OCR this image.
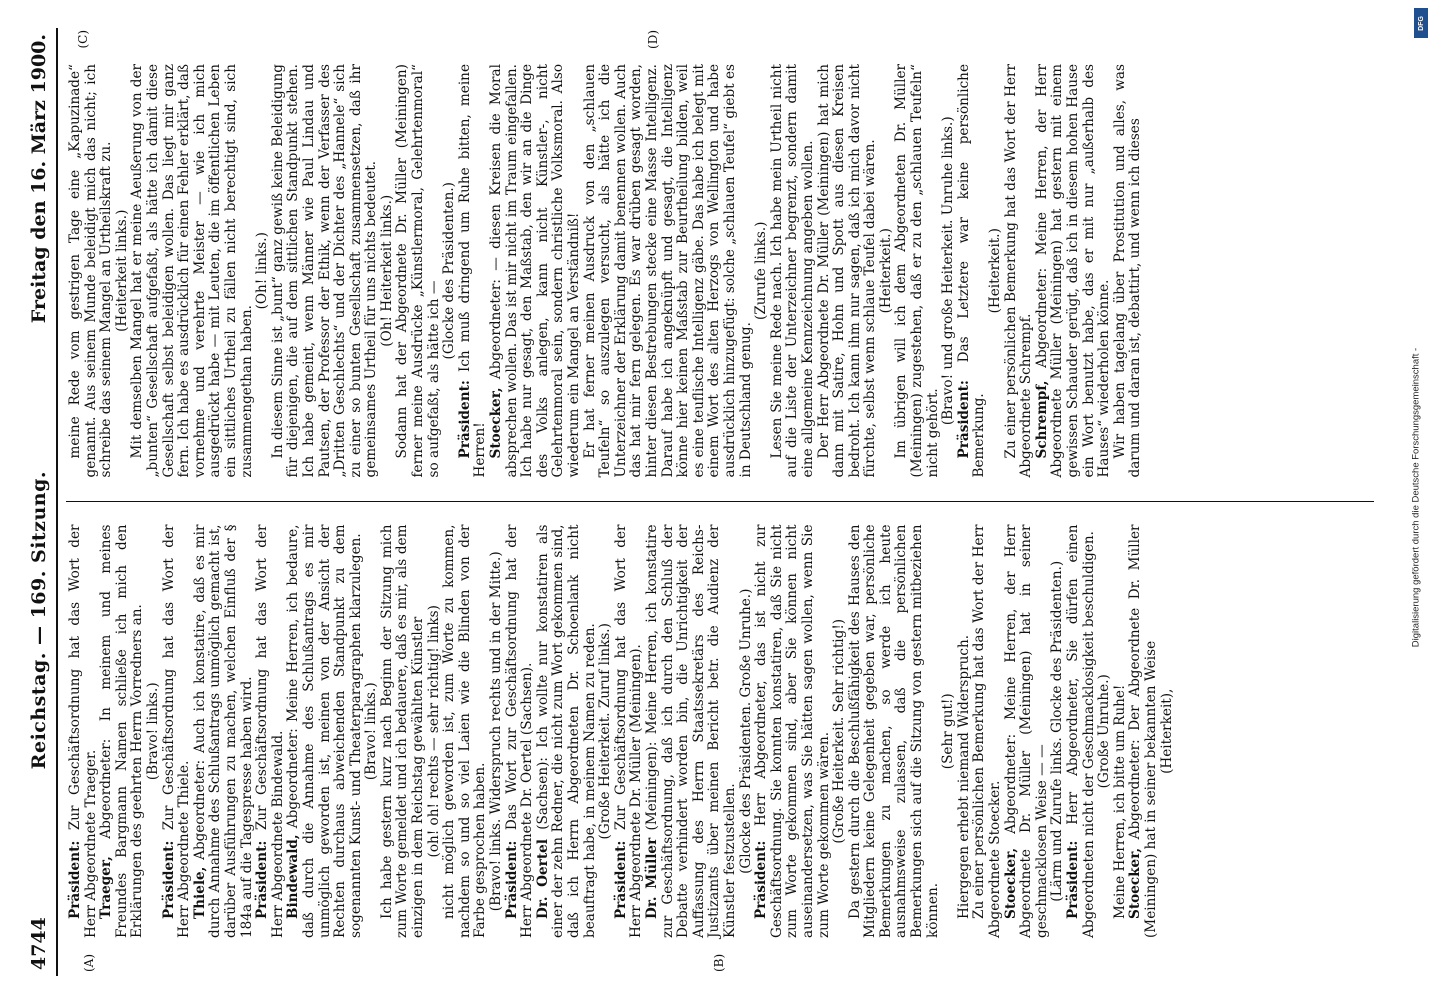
4744
Reichstag. — 169. Sitzung.
Freitag den 16. März 1900.
(A)	(B)

Präsident: Zur Geschäftsordnung hat das Wort der Herr Abgeordnete Traeger. Traeger, Abgeordneter: In meinem und meines Freundes Bargmann Namen schließe ich mich den Erklärungen des geehrten Herrn Vorredners an. (Bravo! links.)

Präsident: Zur Geschäftsordnung hat das Wort der Herr Abgeordnete Thiele. Thiele, Abgeordneter: Auch ich konstatire, daß es mir durch Annahme des Schlußantrags unmöglich gemacht ist, darüber Ausführungen zu machen, welchen Einfluß der § 184a auf die Tagespresse haben wird. Präsident: Zur Geschäftsordnung hat das Wort der Herr Abgeordnete Bindewald. Bindewald, Abgeordneter: Meine Herren, ich bedaure, daß durch die Annahme des Schlußantrags es mir unmöglich geworden ist, meinen von der Ansicht der Rechten durchaus abweichenden Standpunkt zu dem sogenannten Kunst- und Theaterparagraphen klarzulegen. (Bravo! links.) Ich habe gestern kurz nach Beginn der Sitzung mich zum Worte gemeldet und ich bedauere, daß es mir, als dem einzigen in dem Reichstag gewählten Künstler (oh! oh! rechts — sehr richtig! links) nicht möglich geworden ist, zum Worte zu kommen, nachdem so und so viel Laien wie die Blinden von der Farbe gesprochen haben. (Bravo! links. Widerspruch rechts und in der Mitte.) Präsident: Das Wort zur Geschäftsordnung hat der Herr Abgeordnete Dr. Oertel (Sachsen). Dr. Oertel (Sachsen): Ich wollte nur konstatiren als einer der zehn Redner, die nicht zum Wort gekommen sind, daß ich Herrn Abgeordneten Dr. Schoenlank nicht beauftragt habe, in meinem Namen zu reden. (Große Heiterkeit. Zuruf links.)

Präsident: Zur Geschäftsordnung hat das Wort der Herr Abgeordnete Dr. Müller (Meiningen). Dr. Müller (Meiningen): Meine Herren, ich konstatire zur Geschäftsordnung, daß ich durch den Schluß der Debatte verhindert worden bin, die Unrichtigkeit der Auffassung des Herrn Staatssekretärs des Reichs-Justizamts über meinen Bericht betr. die Audienz der Künstler festzustellen. (Glocke des Präsidenten. Große Unruhe.)

Präsident: Herr Abgeordneter, das ist nicht zur Geschäftsordnung. Sie konnten konstatiren, daß Sie nicht zum Worte gekommen sind, aber Sie können nicht auseinandersetzen, was Sie hätten sagen wollen, wenn Sie zum Worte gekommen wären. (Große Heiterkeit. Sehr richtig!) Da gestern durch die Beschlußfähigkeit des Hauses den Mitgliedern keine Gelegenheit gegeben war, persönliche Bemerkungen zu machen, so werde ich heute ausnahmsweise zulassen, daß die persönlichen Bemerkungen sich auf die Sitzung von gestern mitbeziehen können.

(Sehr gut!) Hiergegen erhebt niemand Widerspruch. Zu einer persönlichen Bemerkung hat das Wort der Herr Abgeordnete Stoecker. Stoecker, Abgeordneter: Meine Herren, der Herr Abgeordnete Dr. Müller (Meiningen) hat in seiner geschmacklosen Weise — — (Lärm und Zurufe links. Glocke des Präsidenten.) Präsident: Herr Abgeordneter, Sie dürfen einen Abgeordneten nicht der Geschmacklosigkeit beschuldigen. (Große Unruhe.) Meine Herren, ich bitte um Ruhe! Stoecker, Abgeordneter: Der Abgeordnete Dr. Müller (Meiningen) hat in seiner bekannten Weise (Heiterkeit),

(C)	(D)

meine Rede vom gestrigen Tage eine „Kapuzinade“ genannt. Aus seinem Munde beleidigt mich das nicht; ich schreibe das seinem Mangel an Urtheilskraft zu. (Heiterkeit links.) Mit demselben Mangel hat er meine Aeußerung von der „bunten“ Gesellschaft aufgefaßt, als hätte ich damit diese Gesellschaft selbst beleidigen wollen. Das liegt mir ganz fern. Ich habe es ausdrücklich für einen Fehler erklärt, daß vornehme und verehrte Meister — wie ich mich ausgedrückt habe — mit Leuten, die im öffentlichen Leben ein sittliches Urtheil zu fällen nicht berechtigt sind, sich zusammengethan haben.

(Oh! links.) In diesem Sinne ist „bunt“ ganz gewiß keine Beleidigung für diejenigen, die auf dem sittlichen Standpunkt stehen. Ich habe gemeint, wenn Männer wie Paul Lindau und Pautsen, der Professor der Ethik, wenn der Verfasser des „Dritten Geschlechts“ und der Dichter des „Hannele“ sich zu einer so bunten Gesellschaft zusammensetzen, daß ihr gemeinsames Urtheil für uns nichts bedeutet. (Oh! Heiterkeit links.) Sodann hat der Abgeordnete Dr. Müller (Meiningen) ferner meine Ausdrücke „Künstlermoral, Gelehrtenmoral“ so aufgefaßt, als hätte ich —

(Glocke des Präsidenten.)

Präsident: Ich muß dringend um Ruhe bitten, meine Herren! Stoecker, Abgeordneter: — diesen Kreisen die Moral absprechen wollen. Das ist mir nicht im Traum eingefallen. Ich habe nur gesagt, den Maßstab, den wir an die Dinge des Volks anlegen, kann nicht Künstler-, nicht Gelehrtenmoral sein, sondern christliche Volksmoral. Also wiederum ein Mangel an Verständniß! Er hat ferner meinen Ausdruck von den „schlauen Teufeln“ so auszulegen versucht, als hätte ich die Unterzeichner der Erklärung damit benennen wollen. Auch das hat mir fern gelegen. Es war drüben gesagt worden, hinter diesen Bestrebungen stecke eine Masse Intelligenz. Darauf habe ich angeknüpft und gesagt, die Intelligenz könne hier keinen Maßstab zur Beurtheilung bilden, weil es eine teuflische Intelligenz gäbe. Das habe ich belegt mit einem Wort des alten Herzogs von Wellington und habe ausdrücklich hinzugefügt: solche „schlauen Teufel“ giebt es in Deutschland genug.

(Zurufe links.) Lesen Sie meine Rede nach. Ich habe mein Urtheil nicht auf die Liste der Unterzeichner begrenzt, sondern damit eine allgemeine Kennzeichnung angeben wollen. Der Herr Abgeordnete Dr. Müller (Meiningen) hat mich dann mit Satire, Hohn und Spott aus diesen Kreisen bedroht. Ich kann ihm nur sagen, daß ich mich davor nicht fürchte, selbst wenn schlaue Teufel dabei wären. (Heiterkeit.) Im übrigen will ich dem Abgeordneten Dr. Müller (Meiningen) zugestehen, daß er zu den „schlauen Teufeln“ nicht gehört.

(Bravo! und große Heiterkeit. Unruhe links.) Präsident: Das Letztere war keine persönliche Bemerkung.

(Heiterkeit.) Zu einer persönlichen Bemerkung hat das Wort der Herr Abgeordnete Schrempf. Schrempf, Abgeordneter: Meine Herren, der Herr Abgeordnete Müller (Meiningen) hat gestern mit einem gewissen Schauder gerügt, daß ich in diesem hohen Hause ein Wort benutzt habe, das er mit nur „außerhalb des Hauses“ wiederholen könne. Wir haben tagelang über Prostitution und alles, was darum und daran ist, debattirt, und wenn ich dieses

Digitalisierung gefördert durch die Deutsche Forschungsgemeinschaft -
DFG
